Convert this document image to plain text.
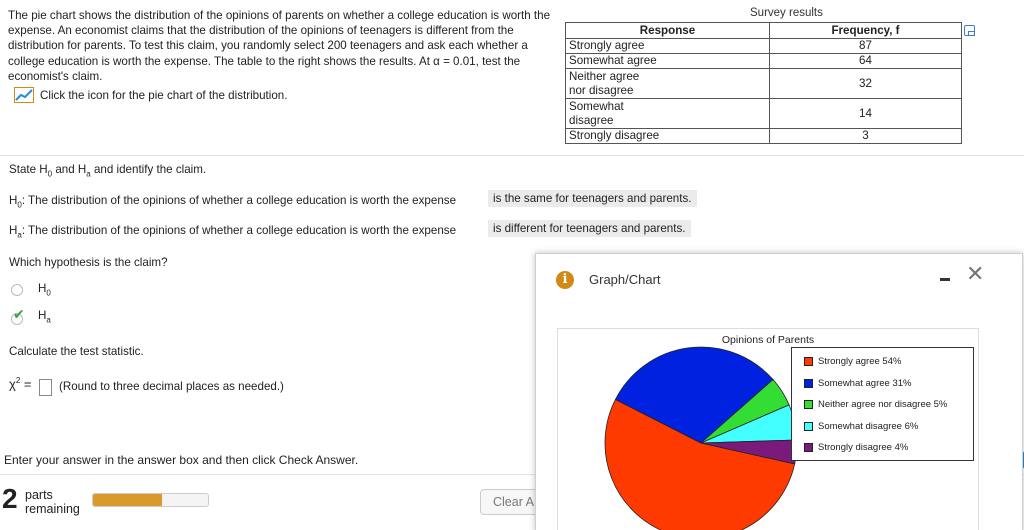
The pie chart shows the distribution of the opinions of parents on whether a college education is worth the expense. An economist claims that the distribution of the opinions of teenagers is different from the distribution for parents. To test this claim, you randomly select 200 teenagers and ask each whether a college education is worth the expense. The table to the right shows the results. At α = 0.01, test the economist's claim.
Click the icon for the pie chart of the distribution.
Survey results
Response	Frequency, f
Strongly agree	87
Somewhat agree	64

Neither agree nor disagree	32

Somewhat disagree	14
Strongly disagree	3
State $H_0$ and $H_a$ and identify the claim.
$H_0$: The distribution of the opinions of whether a college education is worth the expense	is the same for teenagers and parents.
$H_a$: The distribution of the opinions of whether a college education is worth the expense	is different for teenagers and parents.
Which hypothesis is the claim?
$H_0$
✔ $H_a$
Calculate the test statistic.
$\chi^2$ = (Round to three decimal places as needed.)
Enter your answer in the answer box and then click Check Answer.
2 parts
remaining	Clear A
i	Graph/Chart	✕
Opinions of Parents
Strongly agree 54%
Somewhat agree 31%
Neither agree nor disagree 5%
Somewhat disagree 6%
Strongly disagree 4%
